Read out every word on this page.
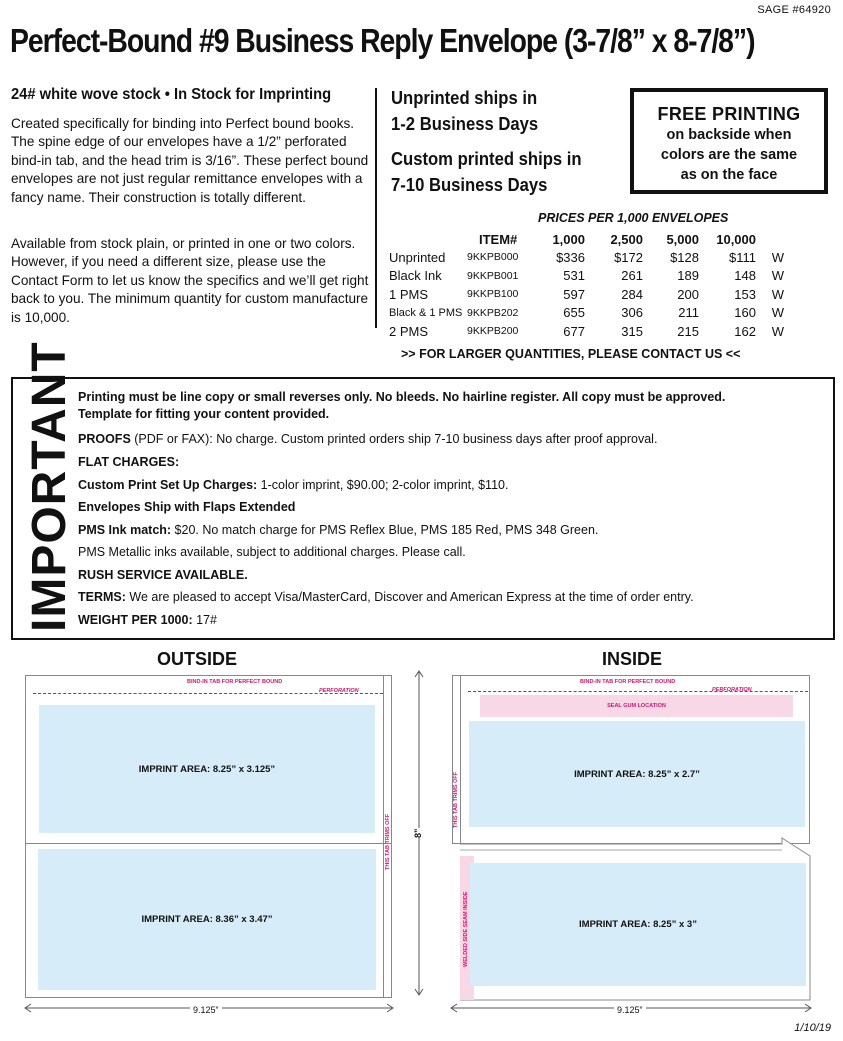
SAGE #64920
Perfect-Bound #9 Business Reply Envelope (3-7/8” x 8-7/8”)
24# white wove stock • In Stock for Imprinting
Created specifically for binding into Perfect bound books. The spine edge of our envelopes have a 1/2” perforated bind-in tab, and the head trim is 3/16”. These perfect bound envelopes are not just regular remittance envelopes with a fancy name. Their construction is totally different.
Available from stock plain, or printed in one or two colors. However, if you need a different size, please use the Contact Form to let us know the specifics and we’ll get right back to you. The minimum quantity for custom manufacture is 10,000.
Unprinted ships in
1-2 Business Days
Custom printed ships in
7-10 Business Days
FREE PRINTING
on backside when
colors are the same
as on the face
PRICES PER 1,000 ENVELOPES
	ITEM#	1,000	2,500	5,000	10,000	
Unprinted	9KKPB000	$336	$172	$128	$111	W
Black Ink	9KKPB001	531	261	189	148	W
1 PMS	9KKPB100	597	284	200	153	W
Black & 1 PMS	9KKPB202	655	306	211	160	W
2 PMS	9KKPB200	677	315	215	162	W
>> FOR LARGER QUANTITIES, PLEASE CONTACT US <<
IMPORTANT Printing must be line copy or small reverses only. No bleeds. No hairline register. All copy must be approved.
Template for fitting your content provided.
PROOFS (PDF or FAX): No charge. Custom printed orders ship 7-10 business days after proof approval.
FLAT CHARGES:
Custom Print Set Up Charges: 1-color imprint, $90.00; 2-color imprint, $110.
Envelopes Ship with Flaps Extended
PMS Ink match: $20. No match charge for PMS Reflex Blue, PMS 185 Red, PMS 348 Green.
PMS Metallic inks available, subject to additional charges. Please call.
RUSH SERVICE AVAILABLE.
TERMS: We are pleased to accept Visa/MasterCard, Discover and American Express at the time of order entry.
WEIGHT PER 1000: 17#
OUTSIDE
BIND-IN TAB FOR PERFECT BOUND
PERFORATION
IMPRINT AREA: 8.25” x 3.125”
IMPRINT AREA: 8.36” x 3.47”
THIS TAB TRIMS OFF
9.125”
8”
INSIDE
BIND-IN TAB FOR PERFECT BOUND
PERFORATION
SEAL GUM LOCATION
IMPRINT AREA: 8.25” x 2.7”
IMPRINT AREA: 8.25” x 3”
THIS TAB TRIMS OFF
WELDED SIDE SEAM INSIDE
9.125”
1/10/19
